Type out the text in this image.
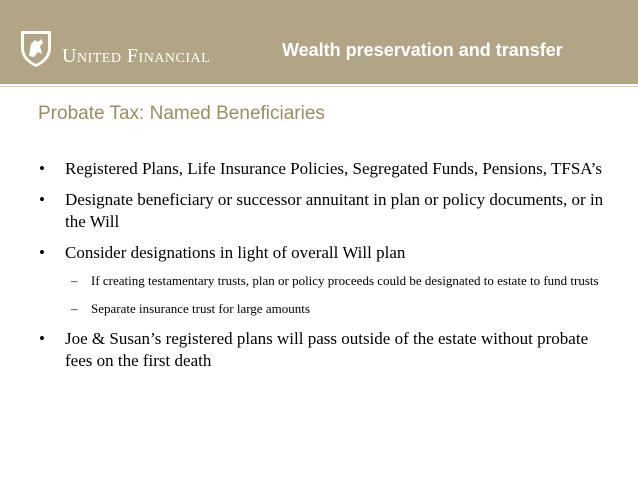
United Financial	Wealth preservation and transfer
Probate Tax: Named Beneficiaries
• Registered Plans, Life Insurance Policies, Segregated Funds, Pensions, TFSA’s
• Designate beneficiary or successor annuitant in plan or policy documents, or in the Will
• Consider designations in light of overall Will plan
– If creating testamentary trusts, plan or policy proceeds could be designated to estate to fund trusts
– Separate insurance trust for large amounts
• Joe & Susan’s registered plans will pass outside of the estate without probate fees on the first death
